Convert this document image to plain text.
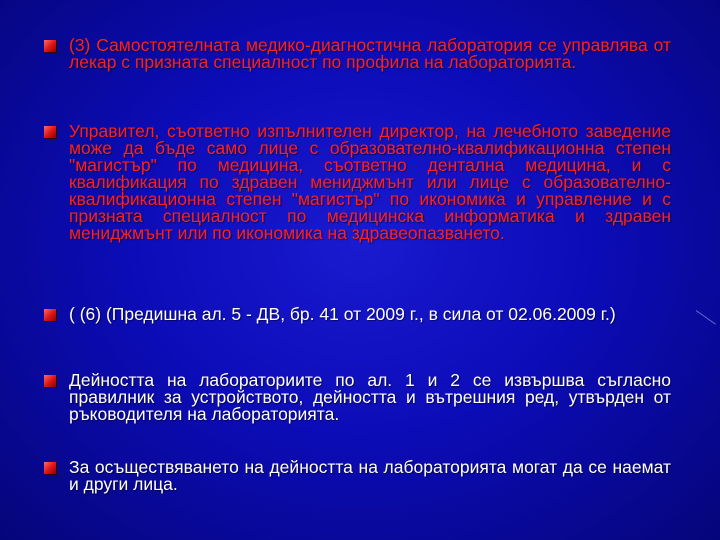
(3) Самостоятелната медико-диагностична лаборатория се управлява от лекар с призната специалност по профила на лабораторията.

Управител, съответно изпълнителен директор, на лечебното заведение може да бъде само лице с образователно-квалификационна степен "магистър" по медицина, съответно дентална медицина, и с квалификация по здравен мениджмънт или лице с образователно-квалификационна степен "магистър" по икономика и управление и с призната специалност по медицинска информатика и здравен мениджмънт или по икономика на здравеопазването.

( (6) (Предишна ал. 5 - ДВ, бр. 41 от 2009 г., в сила от 02.06.2009 г.)

Дейността на лабораториите по ал. 1 и 2 се извършва съгласно правилник за устройството, дейността и вътрешния ред, утвърден от ръководителя на лабораторията.

За осъществяването на дейността на лабораторията могат да се наемат и други лица.
